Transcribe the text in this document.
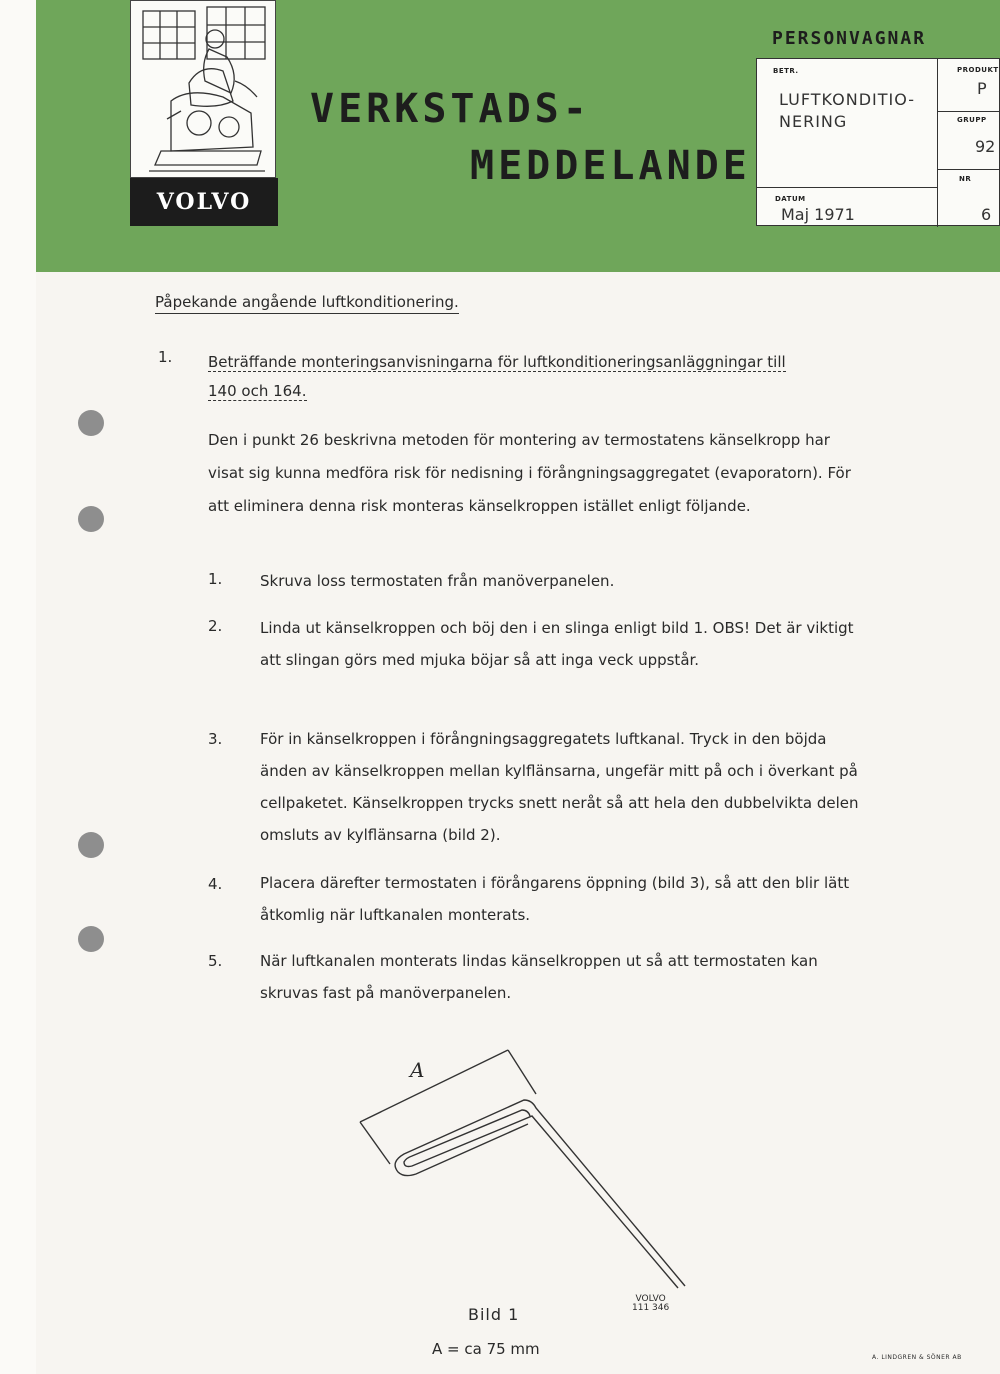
VOLVO
VERKSTADS-
MEDDELANDE
PERSONVAGNAR
BETR.
LUFTKONDITIO-
NERING
PRODUKT
P
GRUPP
92
NR
6
DATUM
Maj 1971
Påpekande angående luftkonditionering.
1. Beträffande monteringsanvisningarna för luftkonditioneringsanläggningar till
140 och 164.

Den i punkt 26 beskrivna metoden för montering av termostatens känselkropp har visat sig kunna medföra risk för nedisning i förångningsaggregatet (evaporatorn). För att eliminera denna risk monteras känselkroppen istället enligt följande.

1.	Skruva loss termostaten från manöverpanelen.

2.	Linda ut känselkroppen och böj den i en slinga enligt bild 1. OBS! Det är viktigt att slingan görs med mjuka böjar så att inga veck uppstår.

3.	För in känselkroppen i förångningsaggregatets luftkanal. Tryck in den böjda änden av känselkroppen mellan kylflänsarna, ungefär mitt på och i överkant på cellpaketet. Känselkroppen trycks snett neråt så att hela den dubbelvikta delen omsluts av kylflänsarna (bild 2).

4.	Placera därefter termostaten i förångarens öppning (bild 3), så att den blir lätt åtkomlig när luftkanalen monterats.

5.	När luftkanalen monterats lindas känselkroppen ut så att termostaten kan skruvas fast på manöverpanelen.

A
VOLVO
111 346
Bild 1
A = ca 75 mm	A. LINDGREN & SÖNER AB
